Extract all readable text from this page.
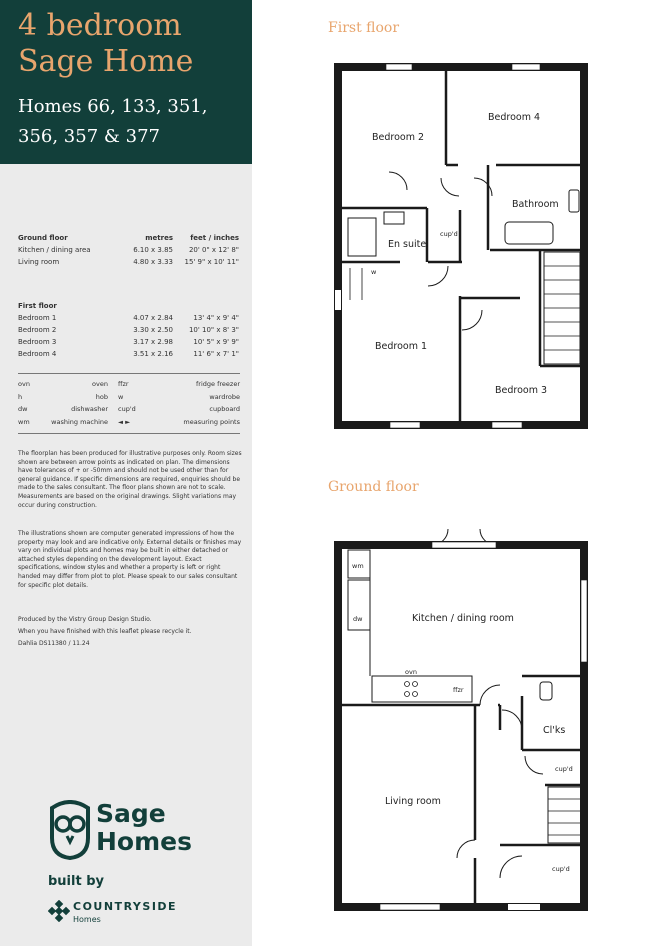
4 bedroom
Sage Home
Homes 66, 133, 351,
356, 357 & 377
Ground floor	metres	feet / inches
Kitchen / dining area	6.10 x 3.85	20' 0" x 12' 8"
Living room	4.80 x 3.33	15' 9" x 10' 11"
First floor		
Bedroom 1	4.07 x 2.84	13' 4" x 9' 4"
Bedroom 2	3.30 x 2.50	10' 10" x 8' 3"
Bedroom 3	3.17 x 2.98	10' 5" x 9' 9"
Bedroom 4	3.51 x 2.16	11' 6" x 7' 1"
ovn	oven	ffzr	fridge freezer
h	hob	w	wardrobe
dw	dishwasher	cup'd	cupboard
wm	washing machine	◄ ►	measuring points
The floorplan has been produced for illustrative purposes only. Room sizes shown are between arrow points as indicated on plan. The dimensions have tolerances of + or -50mm and should not be used other than for general guidance. If specific dimensions are required, enquiries should be made to the sales consultant. The floor plans shown are not to scale. Measurements are based on the original drawings. Slight variations may occur during construction.
The illustrations shown are computer generated impressions of how the property may look and are indicative only. External details or finishes may vary on individual plots and homes may be built in either detached or attached styles depending on the development layout. Exact specifications, window styles and whether a property is left or right handed may differ from plot to plot. Please speak to our sales consultant for specific plot details.
Produced by the Vistry Group Design Studio.
When you have finished with this leaflet please recycle it.
Dahlia DS11380 / 11.24
Sage
Homes
built by
COUNTRYSIDE
Homes
First floor
Ground floor
Bedroom 2
Bedroom 4
Bathroom
En suite
cup'd
w
Bedroom 1
Bedroom 3
wm
dw	Kitchen / dining room
ovn
ffzr
Cl'ks
cup'd
Living room
cup'd
